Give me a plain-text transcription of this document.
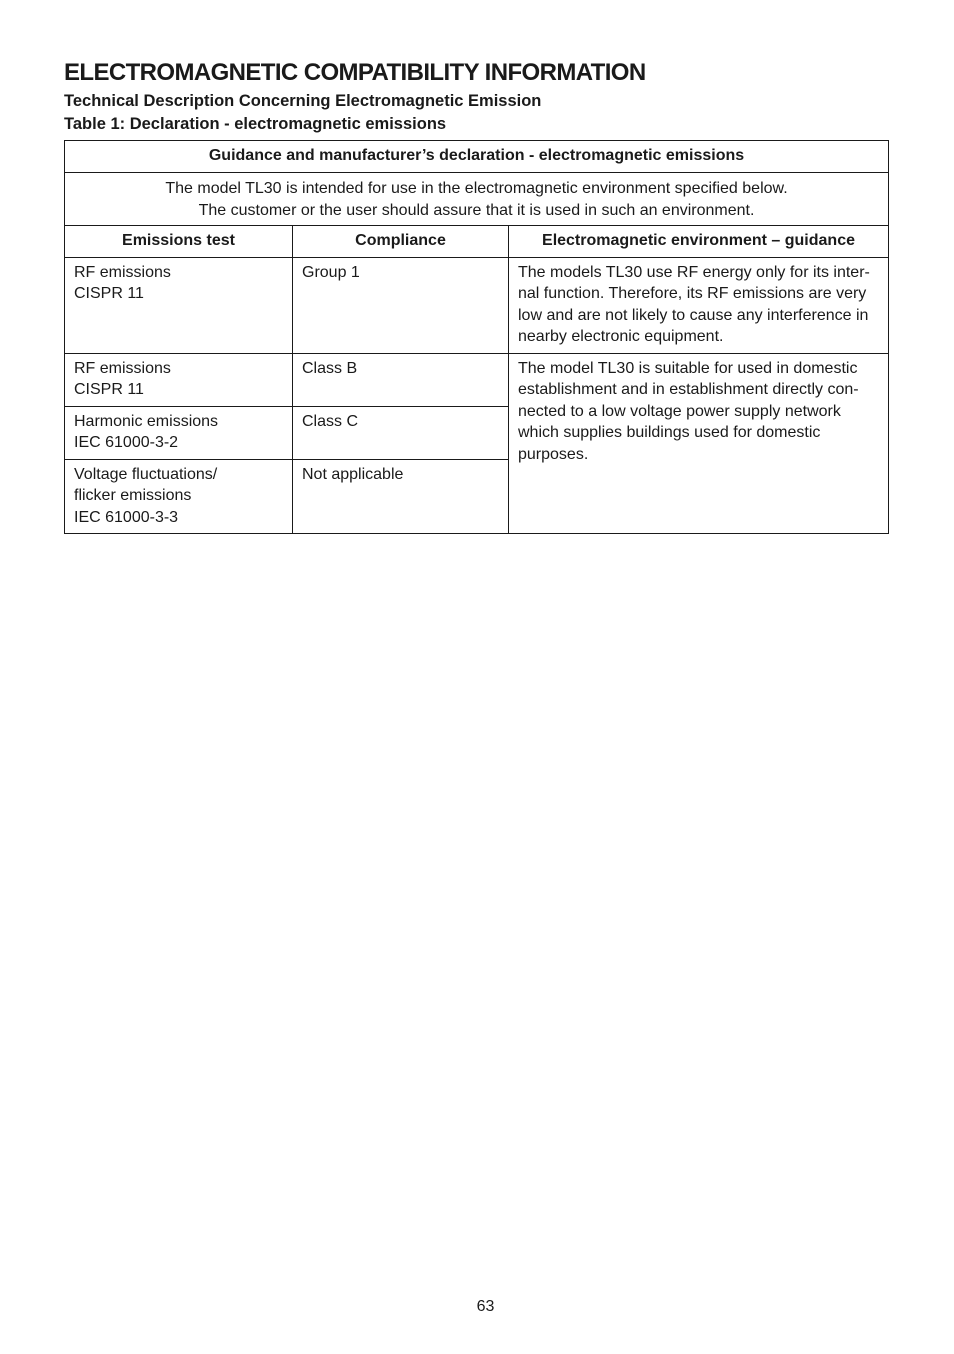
ELECTROMAGNETIC COMPATIBILITY INFORMATION
Technical Description Concerning Electromagnetic Emission
Table 1: Declaration - electromagnetic emissions
Guidance and manufacturer’s declaration - electromagnetic emissions		

The model TL30 is intended for use in the electromagnetic environment specified below.
The customer or the user should assure that it is used in such an environment.		

Emissions test	Compliance	Electromagnetic environment – guidance

RF emissions
CISPR 11	Group 1	The models TL30 use RF energy only for its inter-
nal function. Therefore, its RF emissions are very
low and are not likely to cause any interference in
nearby electronic equipment.

RF emissions
CISPR 11	Class B	The model TL30 is suitable for used in domestic
establishment and in establishment directly con-
nected to a low voltage power supply network
which supplies buildings used for domestic
purposes.

Harmonic emissions
IEC 61000-3-2	Class C	

Voltage fluctuations/
flicker emissions
IEC 61000-3-3	Not applicable	
63
